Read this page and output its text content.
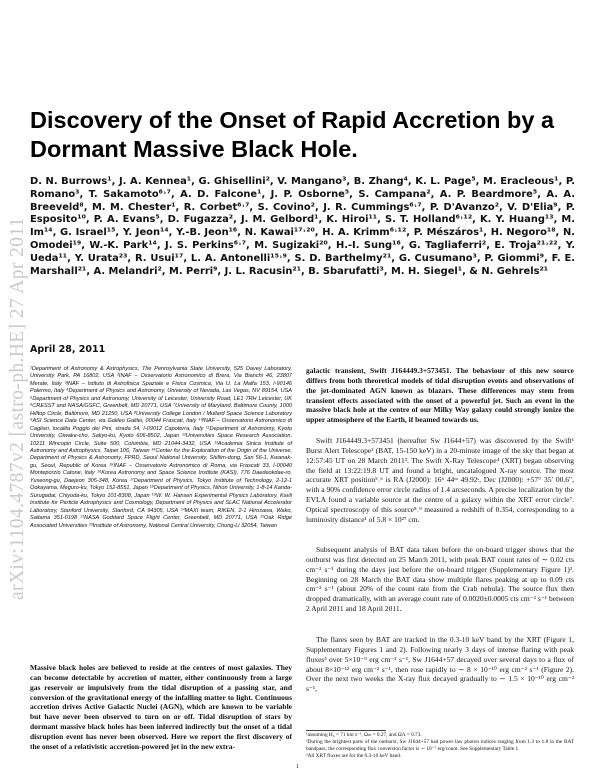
arXiv:1104.4787v2 [astro-ph.HE] 27 Apr 2011
Discovery of the Onset of Rapid Accretion by a Dormant Massive Black Hole.

D. N. Burrows¹, J. A. Kennea¹, G. Ghisellini², V. Mangano³, B. Zhang⁴, K. L. Page⁵, M. Eracleous¹, P. Romano³, T. Sakamoto⁶˒⁷, A. D. Falcone¹, J. P. Osborne⁵, S. Campana², A. P. Beardmore⁵, A. A. Breeveld⁸, M. M. Chester¹, R. Corbet⁶˒⁷, S. Covino², J. R. Cummings⁶˒⁷, P. D'Avanzo², V. D'Elia⁹, P. Esposito¹⁰, P. A. Evans⁵, D. Fugazza², J. M. Gelbord¹, K. Hiroi¹¹, S. T. Holland⁶˒¹², K. Y. Huang¹³, M. Im¹⁴, G. Israel¹⁵, Y. Jeon¹⁴, Y.-B. Jeon¹⁶, N. Kawai¹⁷˒²⁰, H. A. Krimm⁶˒¹², P. Mészáros¹, H. Negoro¹⁸, N. Omodei¹⁹, W.-K. Park¹⁴, J. S. Perkins⁶˒⁷, M. Sugizaki²⁰, H.-I. Sung¹⁶, G. Tagliaferri², E. Troja²¹˒²², Y. Ueda¹¹, Y. Urata²³, R. Usui¹⁷, L. A. Antonelli¹⁵˒⁹, S. D. Barthelmy²¹, G. Cusumano³, P. Giommi⁹, F. E. Marshall²¹, A. Melandri², M. Perri⁹, J. L. Racusin²¹, B. Sbarufatti³, M. H. Siegel¹, & N. Gehrels²¹

April 28, 2011

¹Department of Astronomy & Astrophysics, The Pennsylvania State University, 525 Davey Laboratory, University Park, PA 16802, USA ²INAF – Osservatorio Astronomico di Brera, Via Bianchi 46, 23807 Merate, Italy ³INAF – Istituto di Astrofisica Spaziale e Fisica Cosmica, Via U. La Malfa 153, I-90146 Palermo, Italy ⁴Department of Physics and Astronomy, University of Nevada, Las Vegas, NV 89154, USA ⁵Department of Physics and Astronomy, University of Leicester, University Road, LE1 7RH Leicester, UK ⁶CRESST and NASA/GSFC, Greenbelt, MD 20771, USA ⁷University of Maryland, Baltimore County, 1000 Hilltop Circle, Baltimore, MD 21250, USA ⁸University College London / Mullard Space Science Laboratory ⁹ASI Science Data Center, via Galileo Galilei, 00044 Frascati, Italy ¹⁰INAF – Osservatorio Astronomico di Cagliari, localita Poggio dei Pini, strada 54, I-09012 Capoterra, Italy ¹¹Department of Astronomy, Kyoto University, Oiwake-cho, Sakyo-ku, Kyoto 606-8502, Japan ¹²Universities Space Research Association, 10211 Wincopin Circle, Suite 500, Columbia, MD 21044-3432, USA ¹³Academia Sinica Institute of Astronomy and Astrophysics, Taipei 106, Taiwan ¹⁴Center for the Exploration of the Origin of the Universe, Department of Physics & Astronomy, FPRD, Seoul National University, Shillim-dong, San 56-1, Kwanak-gu, Seoul, Republic of Korea ¹⁵INAF – Osservatorio Astronomico di Roma, via Frascati 33, I-00040 Monteporzio Catone, Italy ¹⁶Korea Astronomy and Space Science Institute (KASI), 776 Daedeokdae-ro, Yuseong-gu, Daejeon 305-348, Korea ¹⁷Department of Physics, Tokyo Institute of Technology, 2-12-1 Ookayama, Meguro-ku, Tokyo 152-8551, Japan ¹⁸Department of Physics, Nihon University, 1-8-14 Kanda-Surugadai, Chiyoda-ku, Tokyo 101-8308, Japan ¹⁹W. W. Hansen Experimental Physics Laboratory, Kavli Institute for Particle Astrophysics and Cosmology, Department of Physics and SLAC National Accelerator Laboratory, Stanford University, Stanford, CA 94305, USA ²⁰MAXI team, RIKEN, 2-1 Hirosawa, Wako, Saitama 351-0198 ²¹NASA Goddard Space Flight Center, Greenbelt, MD 20771, USA ²²Oak Ridge Associated Universities ²³Institute of Astronomy, National Central University, Chung-Li 32054, Taiwan

Massive black holes are believed to reside at the centres of most galaxies. They can become detectable by accretion of matter, either continuously from a large gas reservoir or impulsively from the tidal disruption of a passing star, and conversion of the gravitational energy of the infalling matter to light. Continuous accretion drives Active Galactic Nuclei (AGN), which are known to be variable but have never been observed to turn on or off. Tidal disruption of stars by dormant massive black holes has been inferred indirectly but the onset of a tidal disruption event has never been observed. Here we report the first discovery of the onset of a relativistic accretion-powered jet in the new extra-

galactic transient, Swift J164449.3+573451. The behaviour of this new source differs from both theoretical models of tidal disruption events and observations of the jet-dominated AGN known as blazars. These differences may stem from transient effects associated with the onset of a powerful jet. Such an event in the massive black hole at the centre of our Milky Way galaxy could strongly ionize the upper atmosphere of the Earth, if beamed towards us.

Swift J164449.3+573451 (hereafter Sw J1644+57) was discovered by the Swift¹ Burst Alert Telescope² (BAT, 15-150 keV) in a 20-minute image of the sky that began at 12:57:45 UT on 28 March 2011³. The Swift X-Ray Telescope⁴ (XRT) began observing the field at 13:22:19.8 UT and found a bright, uncatalogued X-ray source. The most accurate XRT position⁵˒⁶ is RA (J2000): 16ʰ 44ᵐ 49.92ˢ, Dec (J2000): +57° 35′ 00.6″, with a 90% confidence error circle radius of 1.4 arcseconds. A precise localization by the EVLA found a variable source at the centre of a galaxy within the XRT error circle⁷. Optical spectroscopy of this source⁸˒⁹ measured a redshift of 0.354, corresponding to a luminosity distance¹ of 5.8 × 10²⁷ cm.

Subsequent analysis of BAT data taken before the on-board trigger shows that the outburst was first detected on 25 March 2011, with peak BAT count rates of ∼ 0.02 cts cm⁻² s⁻¹ during the days just before the on-board trigger (Supplementary Figure 1)². Beginning on 28 March the BAT data show multiple flares peaking at up to 0.09 cts cm⁻² s⁻¹ (about 20% of the count rate from the Crab nebula). The source flux then dropped dramatically, with an average count rate of 0.0020±0.0005 cts cm⁻² s⁻¹ between 2 April 2011 and 18 April 2011.

The flares seen by BAT are tracked in the 0.3-10 keV band by the XRT (Figure 1, Supplementary Figures 1 and 2). Following nearly 3 days of intense flaring with peak fluxes³ over 5×10⁻⁹ erg cm⁻² s⁻¹, Sw J1644+57 decayed over several days to a flux of about 8×10⁻¹² erg cm⁻² s⁻¹, then rose rapidly to ∼ 8 × 10⁻¹⁰ erg cm⁻² s⁻¹ (Figure 2). Over the next two weeks the X-ray flux decayed gradually to ∼ 1.5 × 10⁻¹⁰ erg cm⁻² s⁻¹,

¹assuming H₀ = 71 km s⁻¹, Ωₘ = 0.27, and ΩΛ = 0.73.

²During the brightest parts of the outburst, Sw J1644+57 had power law photon indices ranging from 1.3 to 1.8 in the BAT bandpass; the corresponding flux conversion factor is ∼ 10⁻⁷ erg/count. See Supplementary Table 1.

³All XRT fluxes are for the 0.3-10 keV band.

1
